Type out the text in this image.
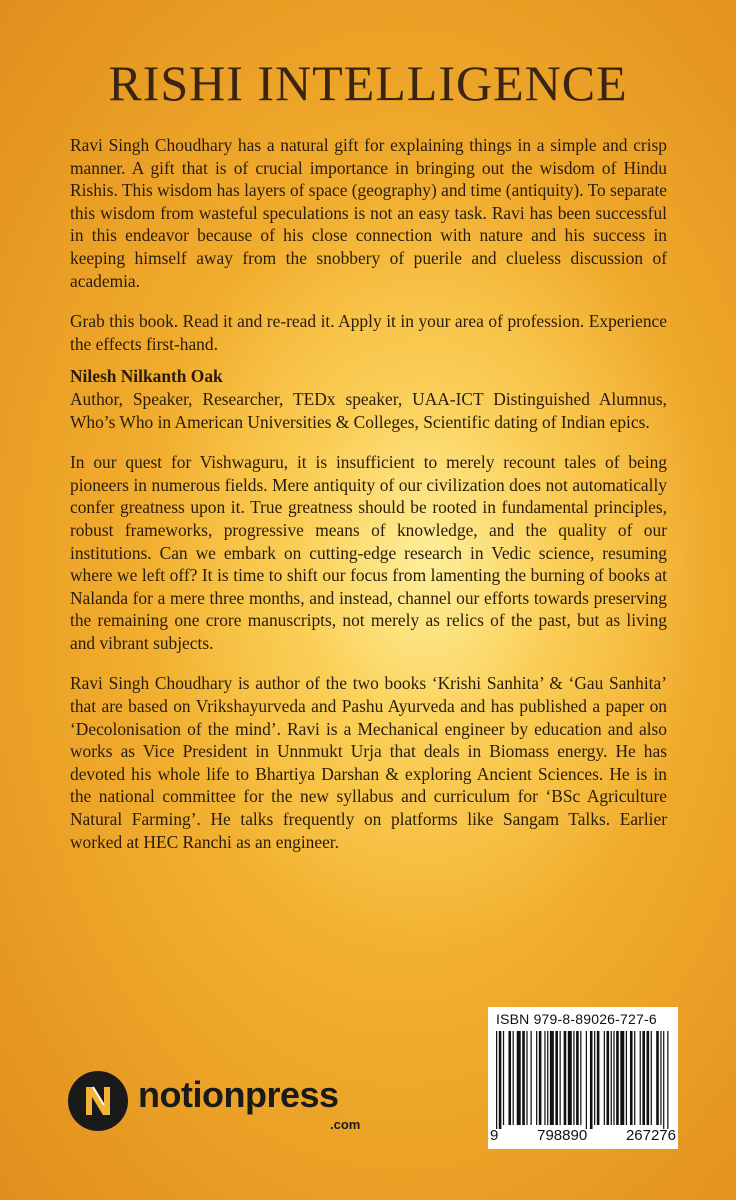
RISHI INTELLIGENCE

Ravi Singh Choudhary has a natural gift for explaining things in a simple and crisp manner. A gift that is of crucial importance in bringing out the wisdom of Hindu Rishis. This wisdom has layers of space (geography) and time (antiquity). To separate this wisdom from wasteful speculations is not an easy task. Ravi has been successful in this endeavor because of his close connection with nature and his success in keeping himself away from the snobbery of puerile and clueless discussion of academia.

Grab this book. Read it and re-read it. Apply it in your area of profession. Experience the effects first-hand.

Nilesh Nilkanth Oak

Author, Speaker, Researcher, TEDx speaker, UAA-ICT Distinguished Alumnus, Who’s Who in American Universities & Colleges, Scientific dating of Indian epics.

In our quest for Vishwaguru, it is insufficient to merely recount tales of being pioneers in numerous fields. Mere antiquity of our civilization does not automatically confer greatness upon it. True greatness should be rooted in fundamental principles, robust frameworks, progressive means of knowledge, and the quality of our institutions. Can we embark on cutting-edge research in Vedic science, resuming where we left off? It is time to shift our focus from lamenting the burning of books at Nalanda for a mere three months, and instead, channel our efforts towards preserving the remaining one crore manuscripts, not merely as relics of the past, but as living and vibrant subjects.

Ravi Singh Choudhary is author of the two books ‘Krishi Sanhita’ & ‘Gau Sanhita’ that are based on Vrikshayurveda and Pashu Ayurveda and has published a paper on ‘Decolonisation of the mind’. Ravi is a Mechanical engineer by education and also works as Vice President in Unnmukt Urja that deals in Biomass energy. He has devoted his whole life to Bhartiya Darshan & exploring Ancient Sciences. He is in the national committee for the new syllabus and curriculum for ‘BSc Agriculture Natural Farming’. He talks frequently on platforms like Sangam Talks. Earlier worked at HEC Ranchi as an engineer.

notionpress
.com
ISBN 979-8-89026-727-6
9	798890	267276
